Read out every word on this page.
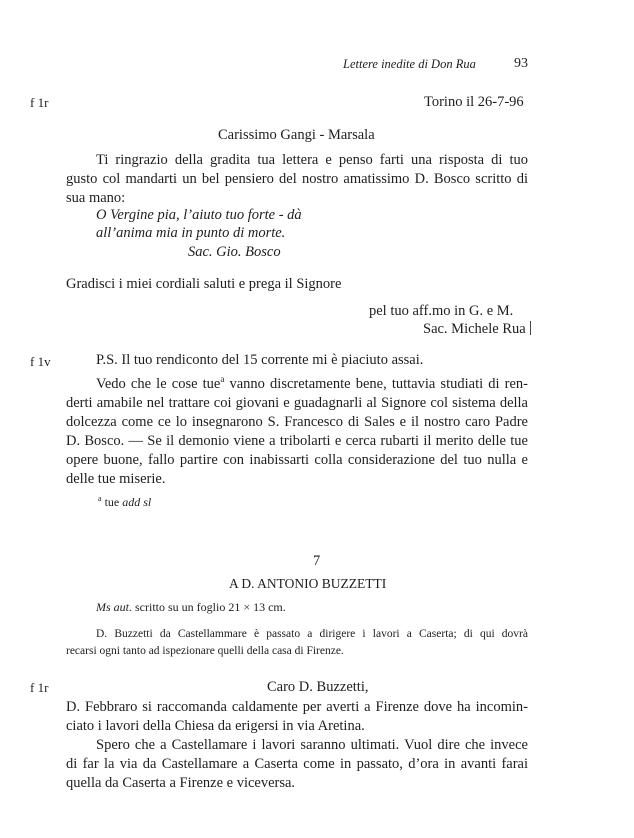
Lettere inedite di Don Rua	93
f 1r	Torino il 26-7-96
Carissimo Gangi - Marsala
Ti ringrazio della gradita tua lettera e penso farti una risposta di tuo
gusto col mandarti un bel pensiero del nostro amatissimo D. Bosco scritto di
sua mano:
O Vergine pia, l’aiuto tuo forte - dà
all’anima mia in punto di morte.
Sac. Gio. Bosco
Gradisci i miei cordiali saluti e prega il Signore
pel tuo aff.mo in G. e M.
Sac. Michele Rua
f 1v	P.S. Il tuo rendiconto del 15 corrente mi è piaciuto assai.
Vedo che le cose tue$^a$ vanno discretamente bene, tuttavia studiati di ren-
derti amabile nel trattare coi giovani e guadagnarli al Signore col sistema della
dolcezza come ce lo insegnarono S. Francesco di Sales e il nostro caro Padre
D. Bosco. — Se il demonio viene a tribolarti e cercа rubarti il merito delle tue
opere buone, fallo partire con inabissarti colla considerazione del tuo nulla e
delle tue miserie.
$^a$ tue add sl
7
A D. ANTONIO BUZZETTI
Ms aut. scritto su un foglio 21 × 13 cm.
D. Buzzetti da Castellammare è passato a dirigere i lavori a Caserta; di qui dovrà
recarsi ogni tanto ad ispezionare quelli della casa di Firenze.
f 1r	Caro D. Buzzetti,
D. Febbraro si raccomanda caldamente per averti a Firenze dove ha incomin-
ciato i lavori della Chiesa da erigersi in via Aretina.
Spero che a Castellamare i lavori saranno ultimati. Vuol dire che invece
di far la via da Castellamare a Caserta come in passato, d’ora in avanti farai
quella da Caserta a Firenze e viceversa.
